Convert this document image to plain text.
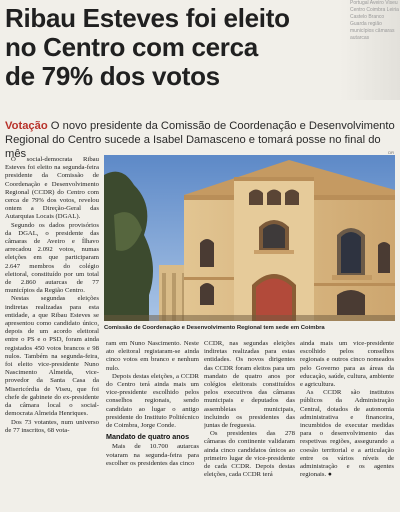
Portugal Aveiro Viseu Centro Coimbra Leiria Castelo Branco Guarda região municípios câmaras autarcas
Ribau Esteves foi eleito
no Centro com cerca
de 79% dos votos
Votação O novo presidente da Comissão de Coordenação e Desenvolvimento Regional do Centro sucede a Isabel Damasceno e tomará posse no final do mês	DR

O social-democrata Ribau Esteves foi eleito na segunda-feira presidente da Comissão de Coordenação e Desenvolvimento Regional (CCDR) do Centro com cerca de 79% dos votos, revelou ontem a Direção-Geral das Autarquias Locais (DGAL).

Segundo os dados provisórios da DGAL, o presidente das câmaras de Aveiro e Ílhavo arrecadou 2.092 votos, numas eleições em que participaram 2.647 membros do colégio eleitoral, constituído por um total de 2.860 autarcas de 77 municípios da Região Centro.

Nestas segundas eleições indiretas realizadas para esta entidade, a que Ribau Esteves se apresentou como candidato único, depois de um acordo eleitoral entre o PS e o PSD, foram ainda registados 450 votos brancos e 98 nulos. Também na segunda-feira, foi eleito vice-presidente Nuno Nascimento Almeida, vice-provedor da Santa Casa da Misericórdia de Viseu, que foi chefe de gabinete do ex-presidente da câmara local o social-democrata Almeida Henriques.

Dos 73 votantes, num universo de 77 inscritos, 68 vota-

Comissão de Coordenação e Desenvolvimento Regional tem sede em Coimbra

ram em Nuno Nascimento. Neste ato eleitoral registaram-se ainda cinco votos em branco e nenhum nulo.

Depois destas eleições, a CCDR do Centro terá ainda mais um vice-presidente escolhido pelos conselhos regionais, sendo candidato ao lugar o antigo presidente do Instituto Politécnico de Coimbra, Jorge Conde.

Mandato de quatro anos

Mais de 10.700 autarcas votaram na segunda-feira para escolher os presidentes das cinco

CCDR, nas segundas eleições indiretas realizadas para estas entidades. Os novos dirigentes das CCDR foram eleitos para um mandato de quatro anos por colégios eleitorais constituídos pelos executivos das câmaras municipais e deputados das assembleias municipais, incluindo os presidentes das juntas de freguesia.

Os presidentes das 278 câmaras do continente validaram ainda cinco candidatos únicos ao primeiro lugar de vice-presidente de cada CCDR. Depois destas eleições, cada CCDR terá

ainda mais um vice-presidente escolhido pelos conselhos regionais e outros cinco nomeados pelo Governo para as áreas da educação, saúde, cultura, ambiente e agricultura.

As CCDR são institutos públicos da Administração Central, dotados de autonomia administrativa e financeira, incumbidos de executar medidas para o desenvolvimento das respetivas regiões, assegurando a coesão territorial e a articulação entre os vários níveis de administração e os agentes regionais. ●
